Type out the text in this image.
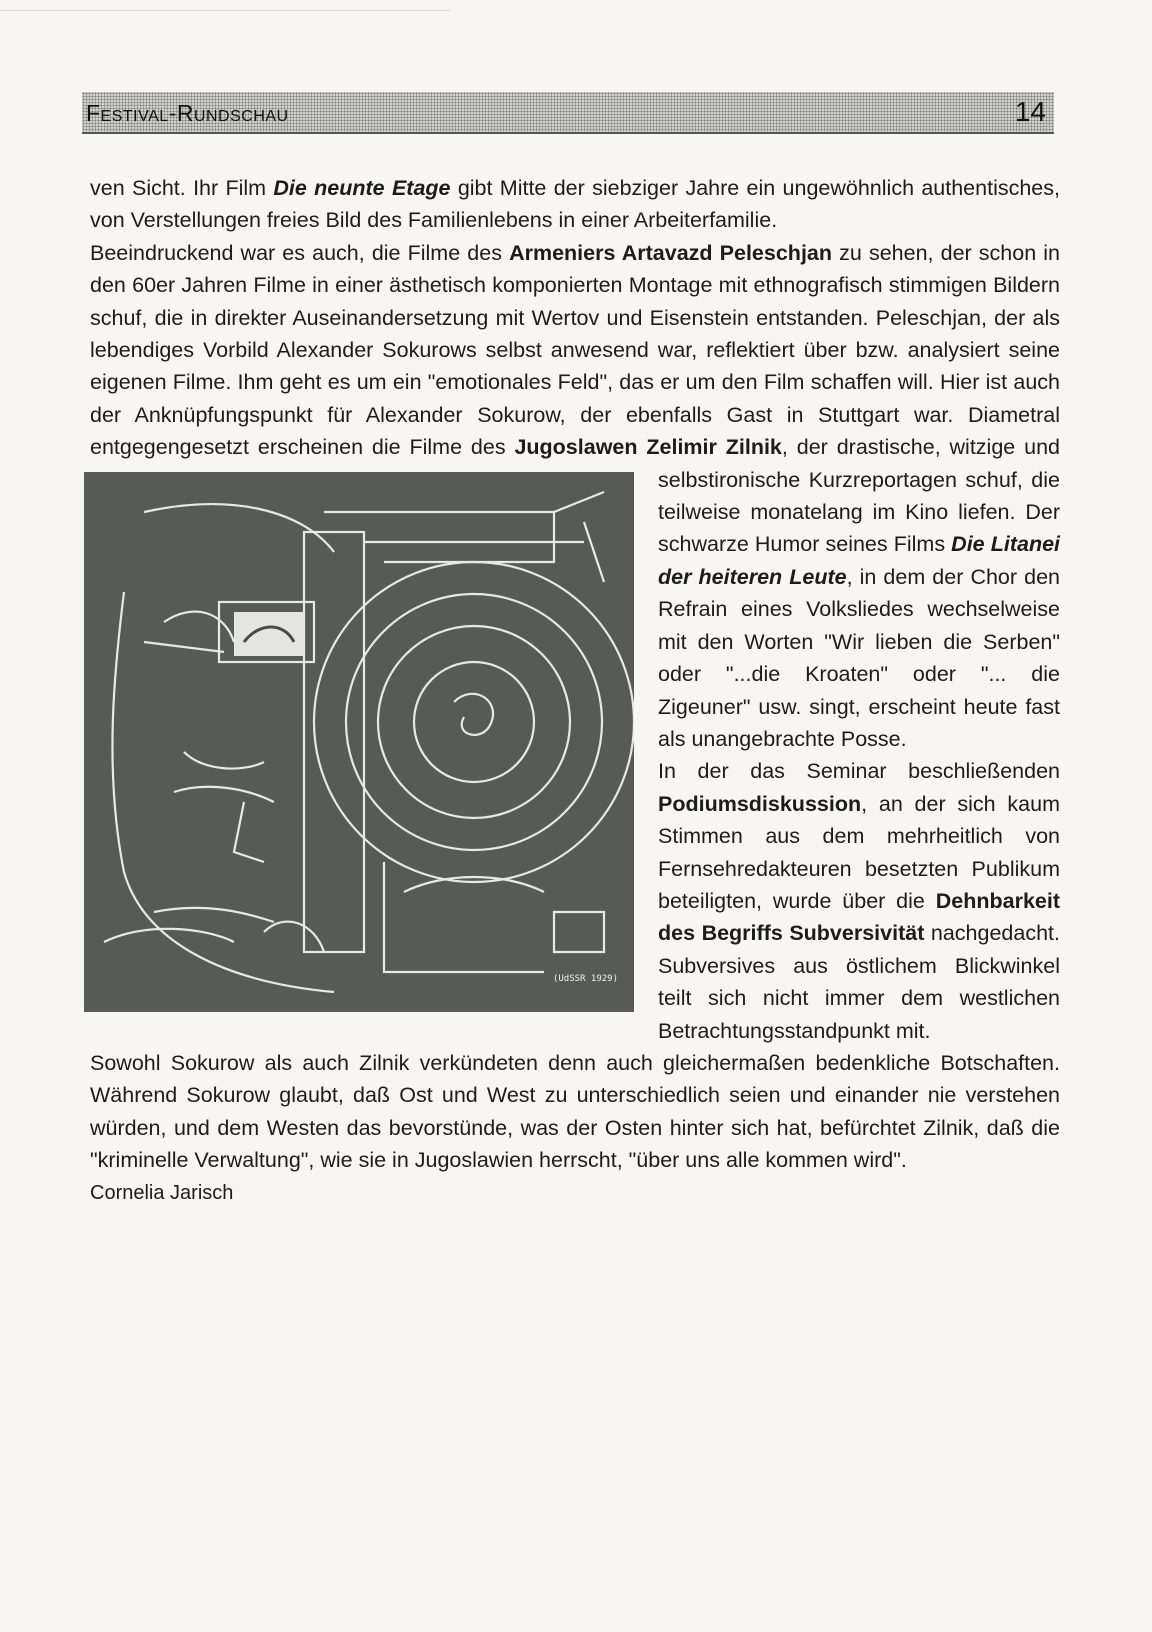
Festival-Rundschau	14

ven Sicht. Ihr Film Die neunte Etage gibt Mitte der siebziger Jahre ein ungewöhnlich authentisches, von Verstellungen freies Bild des Familienlebens in einer Arbeiterfamilie.

Beeindruckend war es auch, die Filme des Armeniers Artavazd Peleschjan zu sehen, der schon in den 60er Jahren Filme in einer ästhetisch komponierten Montage mit ethnografisch stimmigen Bildern schuf, die in direkter Auseinandersetzung mit Wertov und Eisenstein entstanden. Peleschjan, der als lebendiges Vorbild Alexander Sokurows selbst anwesend war, reflektiert über bzw. analysiert seine eigenen Filme. Ihm geht es um ein "emotionales Feld", das er um den Film schaffen will. Hier ist auch der Anknüpfungspunkt für Alexander Sokurow, der ebenfalls Gast in Stuttgart war. Diametral entgegengesetzt erscheinen die Filme des
(UdSSR 1929)
Jugoslawen Zelimir Zilnik, der drastische, witzige und selbstironische Kurzreportagen schuf, die teilweise monatelang im Kino liefen. Der schwarze Humor seines Films Die Litanei der heiteren Leute, in dem der Chor den Refrain eines Volksliedes wechselweise mit den Worten "Wir lieben die Serben" oder "...die Kroaten" oder "... die Zigeuner" usw. singt, erscheint heute fast als unangebrachte Posse.

In der das Seminar beschließenden Podiumsdiskussion, an der sich kaum Stimmen aus dem mehrheitlich von Fernsehredakteuren besetzten Publikum beteiligten, wurde über die Dehnbarkeit des Begriffs Subversivität nachgedacht. Subversives aus östlichem Blickwinkel teilt sich nicht immer dem westlichen Betrachtungsstandpunkt mit.

Sowohl Sokurow als auch Zilnik verkündeten denn auch gleichermaßen bedenkliche Botschaften. Während Sokurow glaubt, daß Ost und West zu unterschiedlich seien und einander nie verstehen würden, und dem Westen das bevorstünde, was der Osten hinter sich hat, befürchtet Zilnik, daß die "kriminelle Verwaltung", wie sie in Jugoslawien herrscht, "über uns alle kommen wird".

Cornelia Jarisch
